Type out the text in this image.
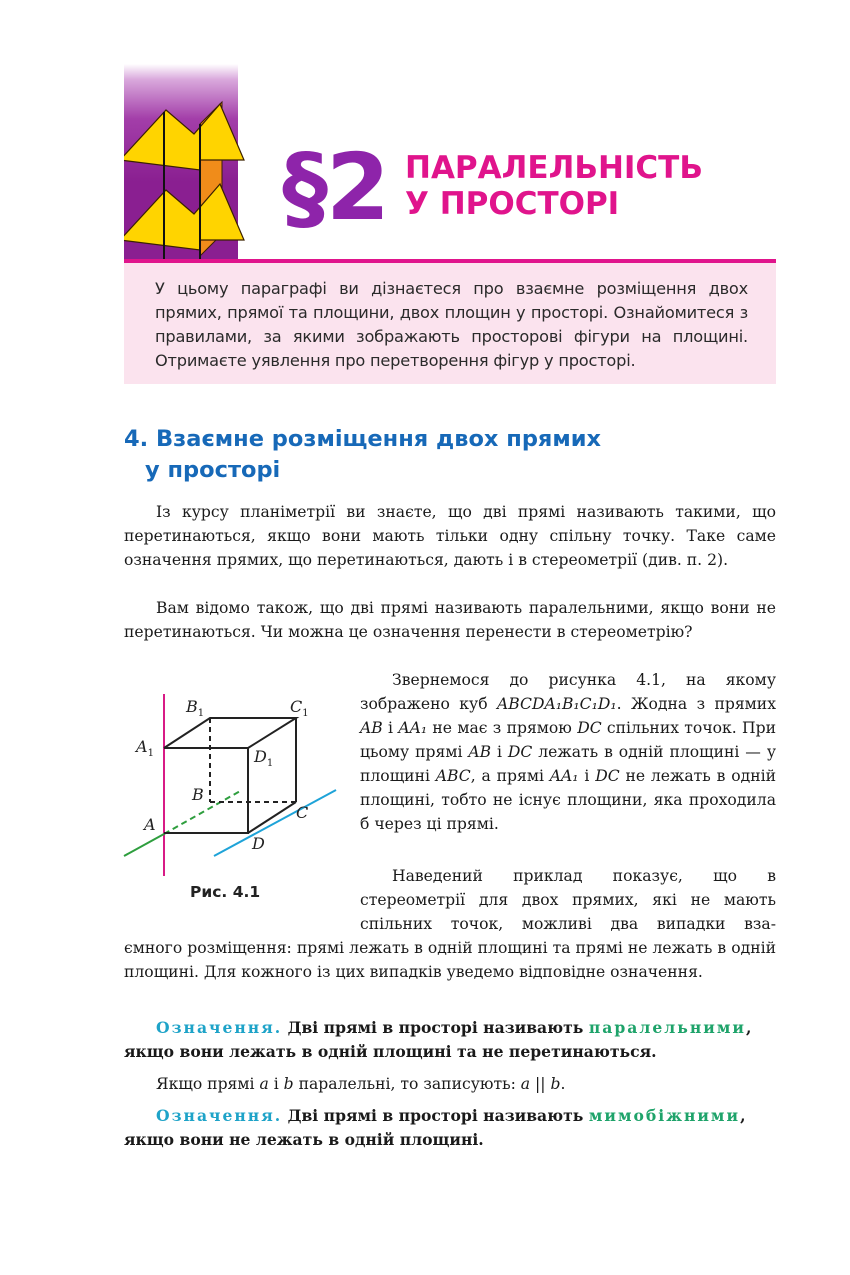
§2 ПАРАЛЕЛЬНІСТЬ
У ПРОСТОРІ
У цьому параграфі ви дізнаєтеся про взаємне розміщення двох прямих, прямої та площини, двох площин у просторі. Ознайомитеся з правилами, за якими зображають просторові фігури на площині. Отримаєте уявлення про перетворення фігур у просторі.
4. Взаємне розміщення двох прямих
у просторі
Із курсу планіметрії ви знаєте, що дві прямі називають такими, що перетинаються, якщо вони мають тільки одну спільну точку. Таке саме означення прямих, що перетинаються, дають і в стереометрії (див. п. 2).
Вам відомо також, що дві прямі називають паралельними, якщо вони не перетинаються. Чи можна це означення перенести в стереометрію?
$B_1$	$C_1$
$A_1$	$D_1$
B
C
A
D
Рис. 4.1
Звернемося до рисунка 4.1, на якому зображено куб ABCDA₁B₁C₁D₁. Жодна з прямих AB і AA₁ не має з прямою DC спільних точок. При цьому прямі AB і DC лежать в одній площині — у площині ABC, а прямі AA₁ і DC не лежать в одній площині, тобто не існує площини, яка проходила б через ці прямі.
Наведений приклад показує, що в стереометрії для двох прямих, які не мають спільних точок, можливі два випадки вза-
ємного розміщення: прямі лежать в одній площині та прямі не лежать в одній площині. Для кожного із цих випадків уведемо відповідне означення.
Означення. Дві прямі в просторі називають паралельними, якщо вони лежать в одній площині та не перетинаються.
Якщо прямі a і b паралельні, то записують: a || b.
Означення. Дві прямі в просторі називають мимобіжними, якщо вони не лежать в одній площині.
